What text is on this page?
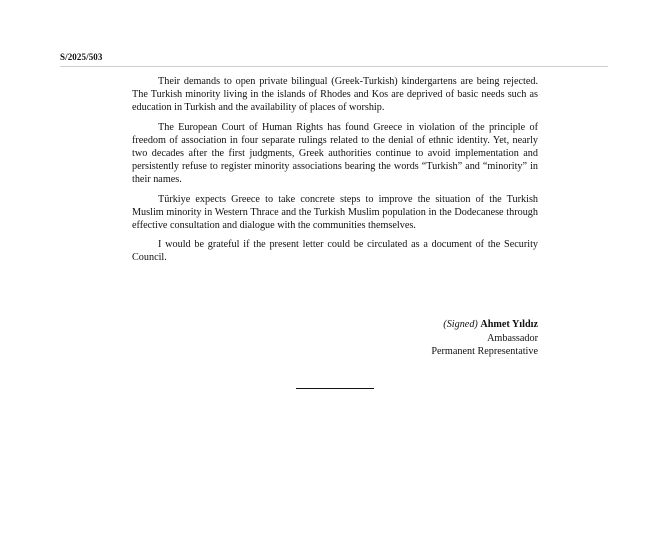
S/2025/503

Their demands to open private bilingual (Greek-Turkish) kindergartens are being rejected. The Turkish minority living in the islands of Rhodes and Kos are deprived of basic needs such as education in Turkish and the availability of places of worship.

The European Court of Human Rights has found Greece in violation of the principle of freedom of association in four separate rulings related to the denial of ethnic identity. Yet, nearly two decades after the first judgments, Greek authorities continue to avoid implementation and persistently refuse to register minority associations bearing the words “Turkish” and “minority” in their names.

Türkiye expects Greece to take concrete steps to improve the situation of the Turkish Muslim minority in Western Thrace and the Turkish Muslim population in the Dodecanese through effective consultation and dialogue with the communities themselves.

I would be grateful if the present letter could be circulated as a document of the Security Council.

(Signed) Ahmet Yıldız
Ambassador
Permanent Representative
